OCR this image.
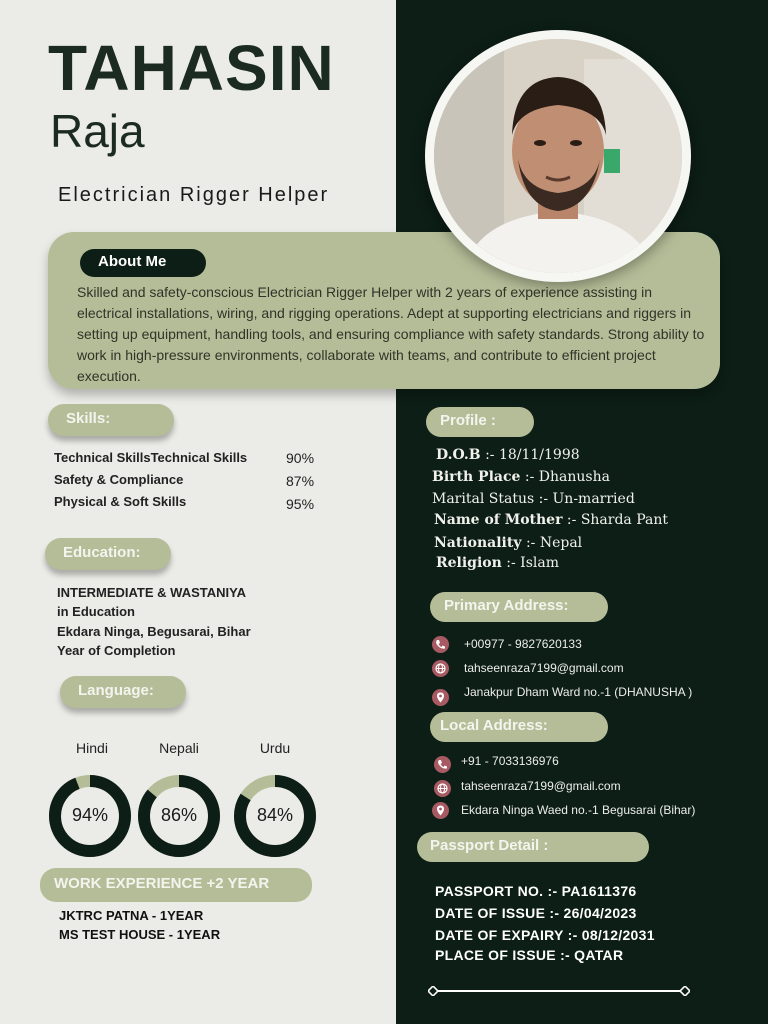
TAHASIN
Raja
Electrician Rigger Helper
About Me
Skilled and safety-conscious Electrician Rigger Helper with 2 years of experience assisting in electrical installations, wiring, and rigging operations. Adept at supporting electricians and riggers in setting up equipment, handling tools, and ensuring compliance with safety standards. Strong ability to work in high-pressure environments, collaborate with teams, and contribute to efficient project execution.
Skills:
Technical SkillsTechnical Skills	90%
Safety & Compliance	87%
Physical & Soft Skills	95%
Education:
INTERMEDIATE & WASTANIYA
in Education
Ekdara Ninga, Begusarai, Bihar
Year of Completion
Language:
Hindi	Nepali	Urdu
94%	86%	84%
WORK EXPERIENCE +2 YEAR
JKTRC PATNA - 1YEAR
MS TEST HOUSE - 1YEAR
Profile :
D.O.B :- 18/11/1998
Birth Place :- Dhanusha
Marital Status :- Un-married
Name of Mother :- Sharda Pant
Nationality :- Nepal
Religion :- Islam
Primary Address:
+00977 - 9827620133
tahseenraza7199@gmail.com
Janakpur Dham Ward no.-1 (DHANUSHA )
Local Address:
+91 - 7033136976
tahseenraza7199@gmail.com
Ekdara Ninga Waed no.-1 Begusarai (Bihar)
Passport Detail :
PASSPORT NO. :- PA1611376
DATE OF ISSUE :- 26/04/2023
DATE OF EXPAIRY :- 08/12/2031
PLACE OF ISSUE :- QATAR
